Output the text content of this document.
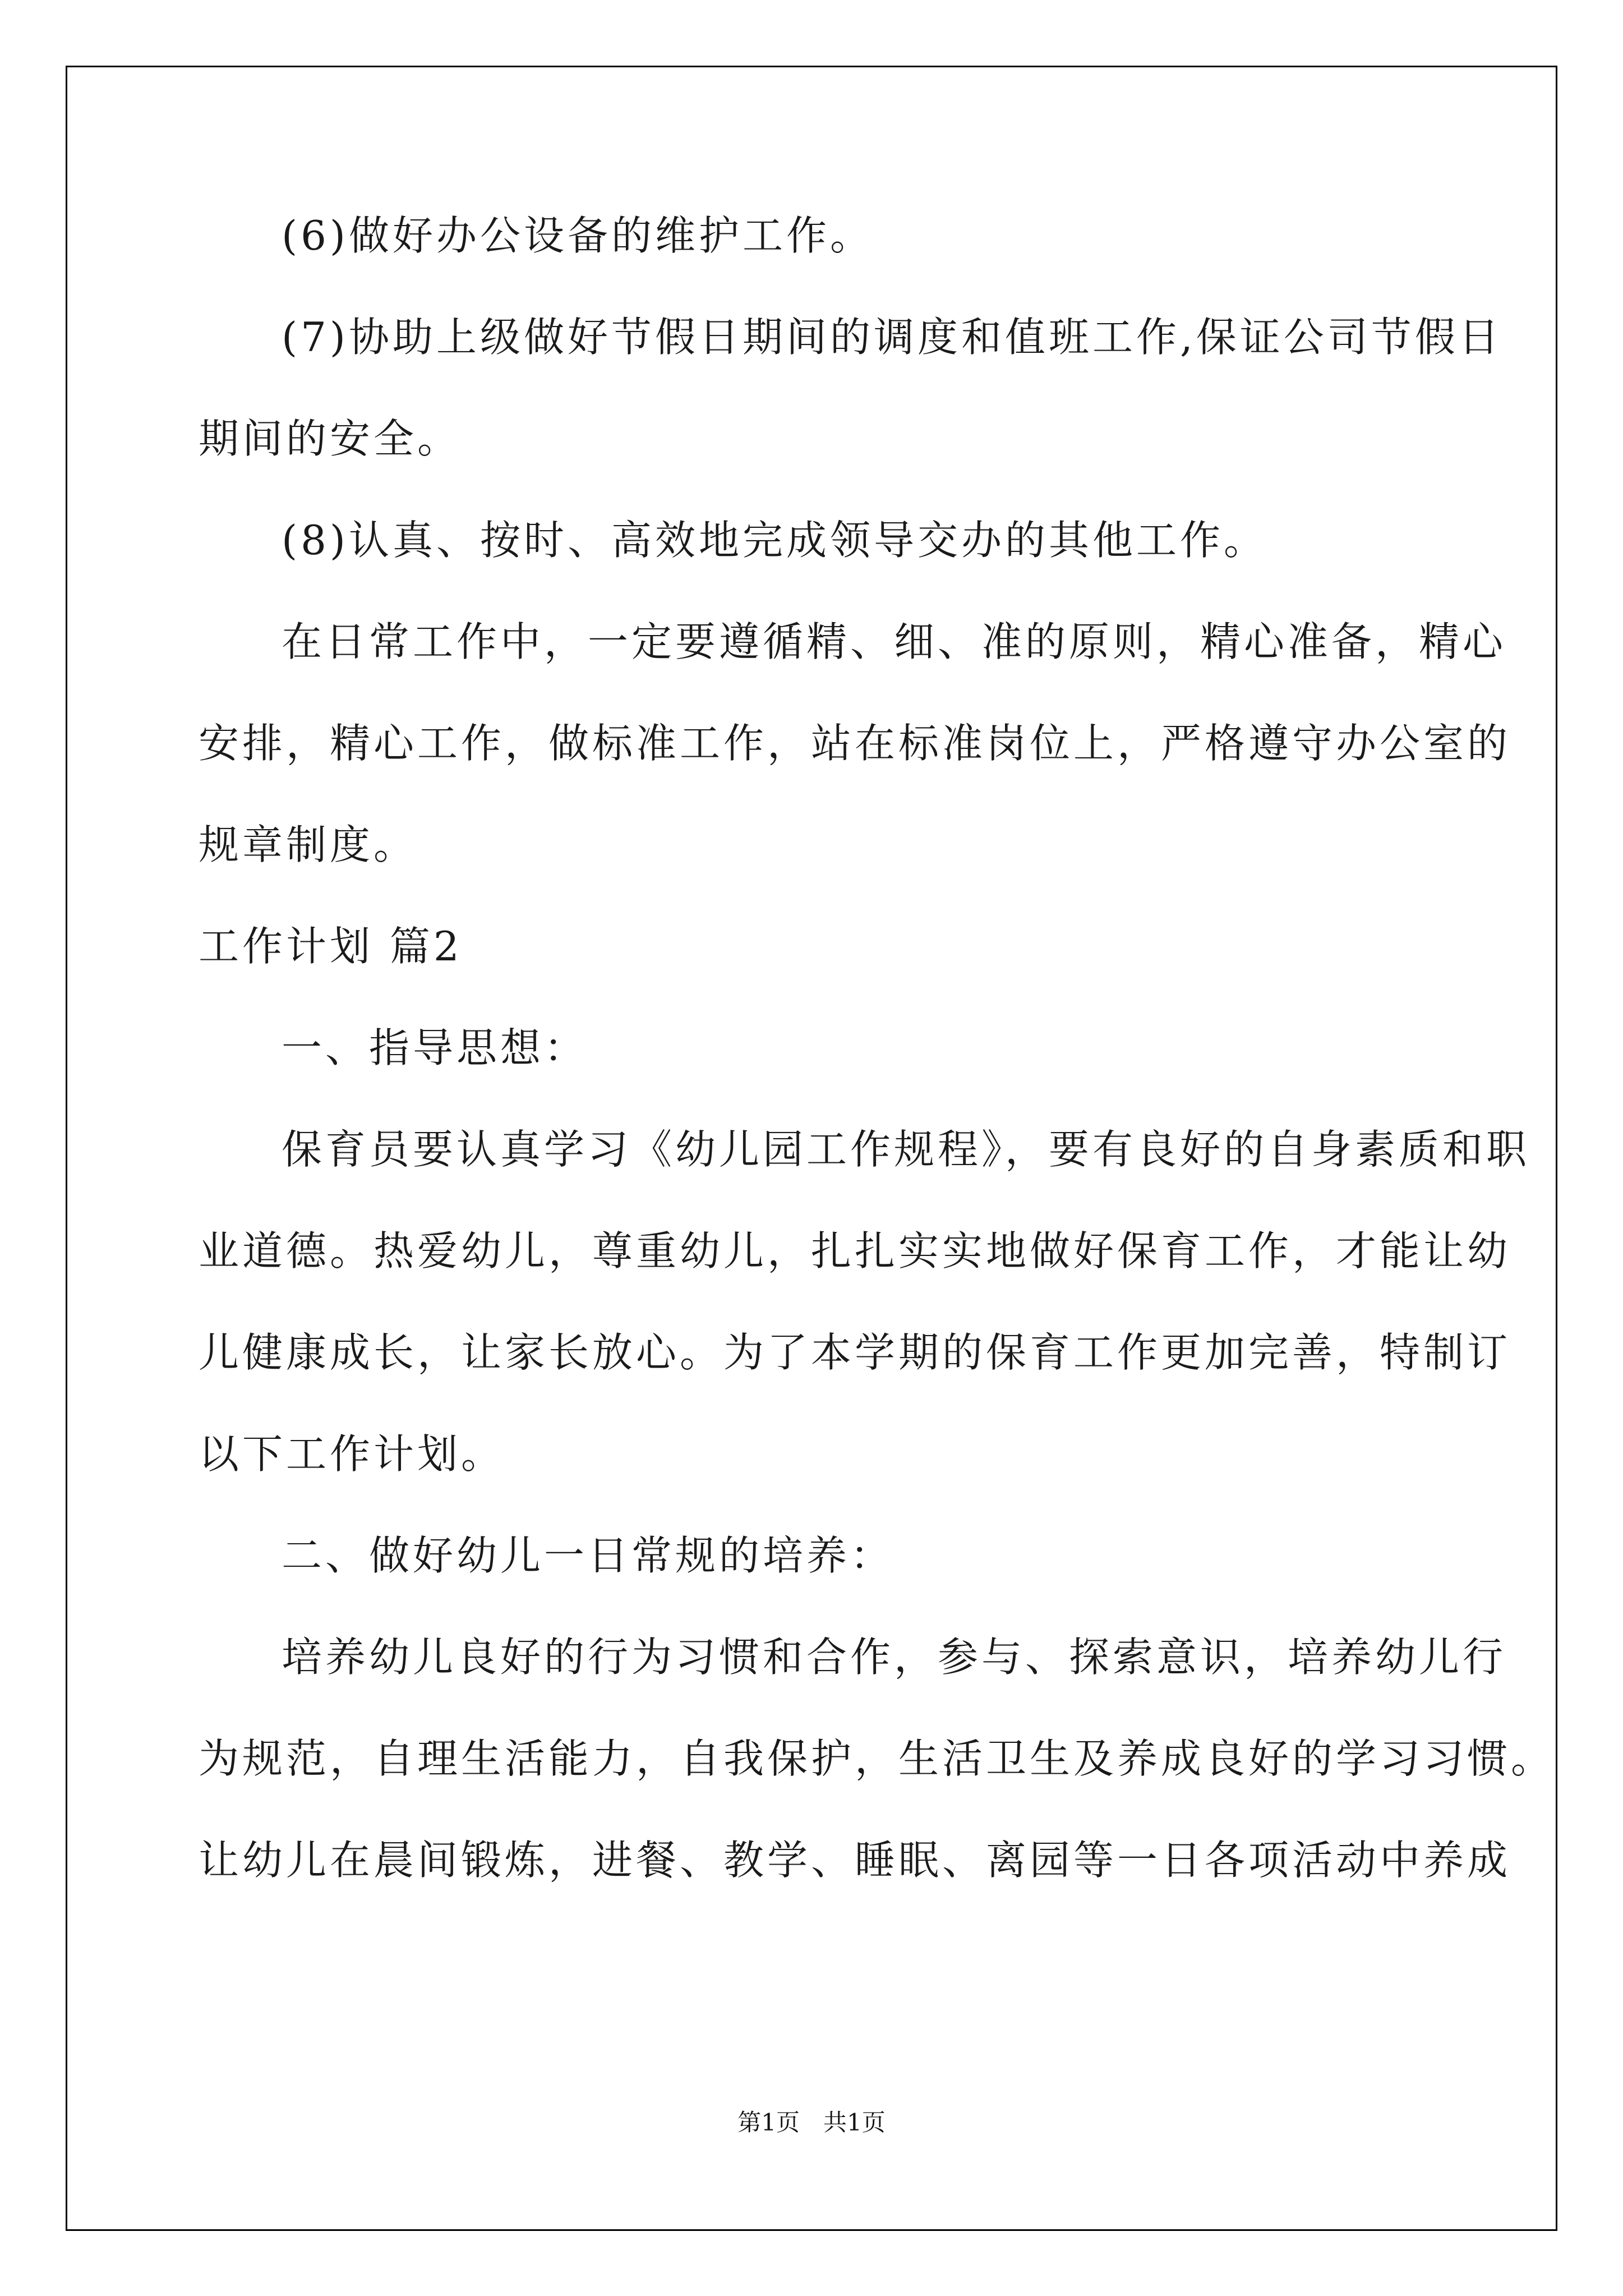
(6)做好办公设备的维护工作。
(7)协助上级做好节假日期间的调度和值班工作,保证公司节假日
期间的安全。
(8)认真、按时、高效地完成领导交办的其他工作。
在日常工作中，一定要遵循精、细、准的原则，精心准备，精心
安排，精心工作，做标准工作，站在标准岗位上，严格遵守办公室的
规章制度。
工作计划 篇2
一、指导思想：
保育员要认真学习《幼儿园工作规程》，要有良好的自身素质和职
业道德。热爱幼儿，尊重幼儿，扎扎实实地做好保育工作，才能让幼
儿健康成长，让家长放心。为了本学期的保育工作更加完善，特制订
以下工作计划。
二、做好幼儿一日常规的培养：
培养幼儿良好的行为习惯和合作，参与、探索意识，培养幼儿行
为规范，自理生活能力，自我保护，生活卫生及养成良好的学习习惯。
让幼儿在晨间锻炼，进餐、教学、睡眠、离园等一日各项活动中养成
第1页　共1页
